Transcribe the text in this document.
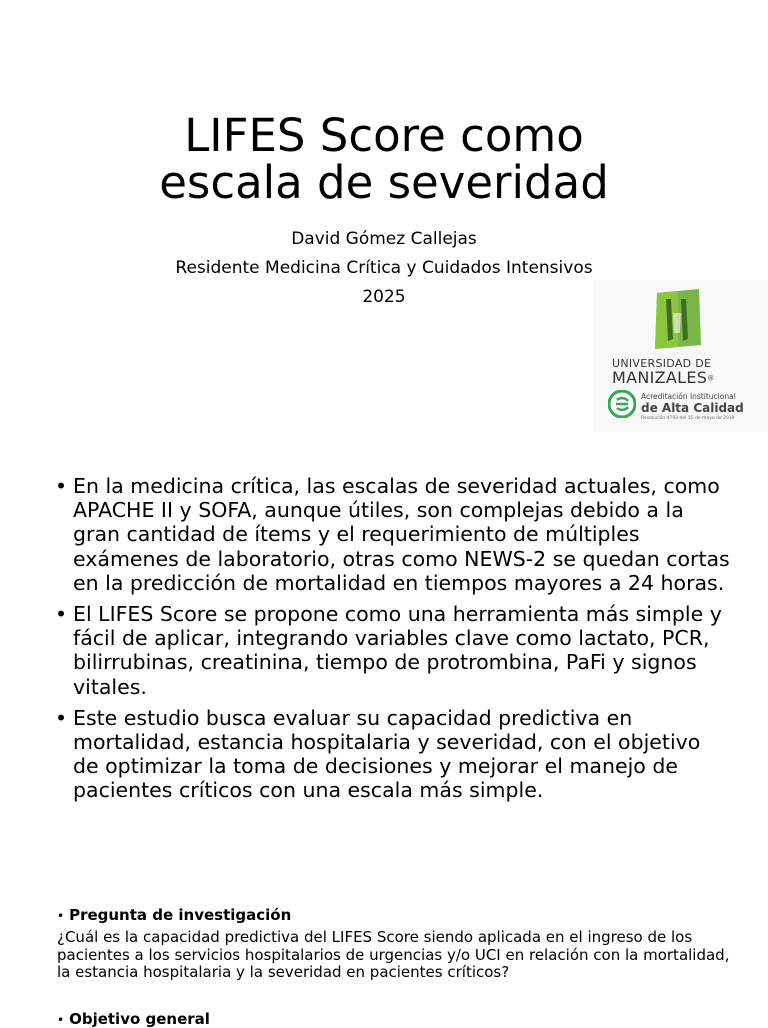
LIFES Score como
escala de severidad

David Gómez Callejas

Residente Medicina Crítica y Cuidados Intensivos

2025

UNIVERSIDAD DE
MANIZALES®
Acreditación Institucional
de Alta Calidad
Resolución 4792 del 15 de mayo de 2019
• En la medicina crítica, las escalas de severidad actuales, como APACHE II y SOFA, aunque útiles, son complejas debido a la gran cantidad de ítems y el requerimiento de múltiples exámenes de laboratorio, otras como NEWS-2 se quedan cortas en la predicción de mortalidad en tiempos mayores a 24 horas.
• El LIFES Score se propone como una herramienta más simple y fácil de aplicar, integrando variables clave como lactato, PCR, bilirrubinas, creatinina, tiempo de protrombina, PaFi y signos vitales.
• Este estudio busca evaluar su capacidad predictiva en mortalidad, estancia hospitalaria y severidad, con el objetivo de optimizar la toma de decisiones y mejorar el manejo de pacientes críticos con una escala más simple.
• Pregunta de investigación
¿Cuál es la capacidad predictiva del LIFES Score siendo aplicada en el ingreso de los pacientes a los servicios hospitalarios de urgencias y/o UCI en relación con la mortalidad, la estancia hospitalaria y la severidad en pacientes críticos?
• Objetivo general
